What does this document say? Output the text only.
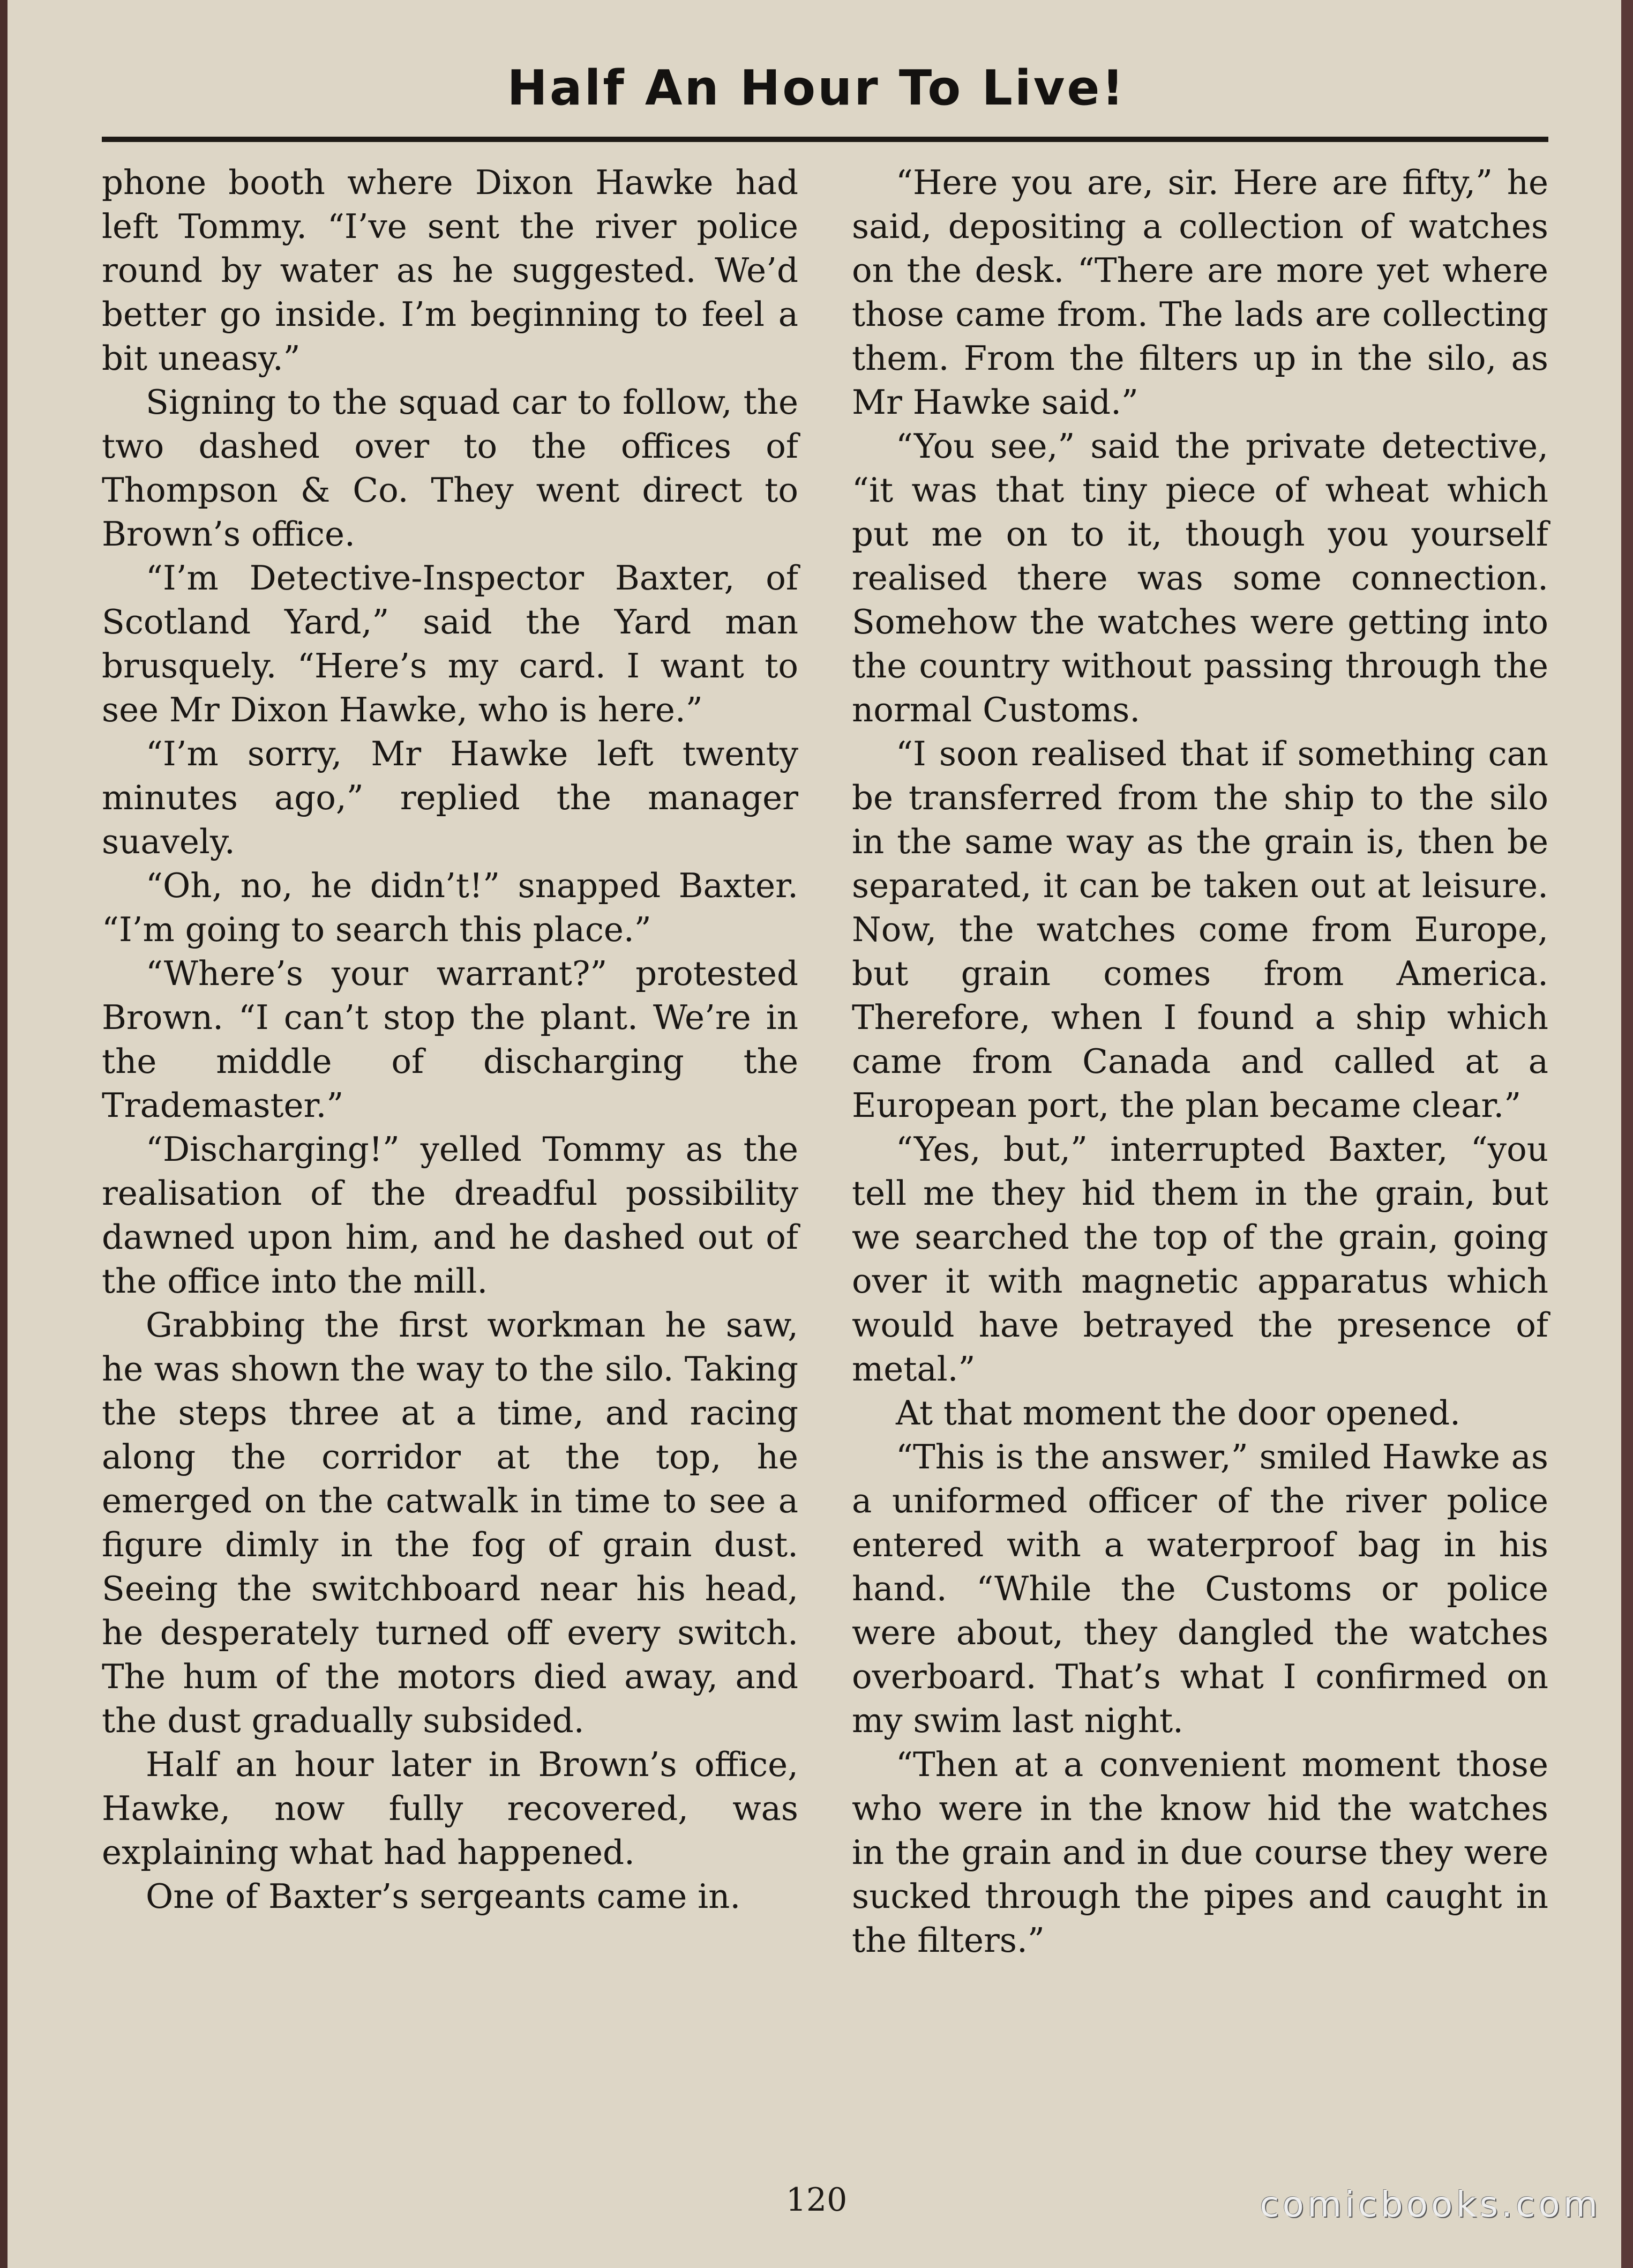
Half An Hour To Live!

phone booth where Dixon Hawke had left Tommy. “I’ve sent the river police round by water as he suggested. We’d better go inside. I’m beginning to feel a bit uneasy.”

Signing to the squad car to follow, the two dashed over to the offices of Thompson & Co. They went direct to Brown’s office.

“I’m Detective-Inspector Baxter, of Scotland Yard,” said the Yard man brusquely. “Here’s my card. I want to see Mr Dixon Hawke, who is here.”

“I’m sorry, Mr Hawke left twenty minutes ago,” replied the manager suavely.

“Oh, no, he didn’t!” snapped Baxter. “I’m going to search this place.”

“Where’s your warrant?” protested Brown. “I can’t stop the plant. We’re in the middle of discharging the Trademaster.”

“Discharging!” yelled Tommy as the realisation of the dreadful possibility dawned upon him, and he dashed out of the office into the mill.

Grabbing the first workman he saw, he was shown the way to the silo. Taking the steps three at a time, and racing along the corridor at the top, he emerged on the catwalk in time to see a figure dimly in the fog of grain dust. Seeing the switchboard near his head, he desperately turned off every switch. The hum of the motors died away, and the dust gradually subsided.

Half an hour later in Brown’s office, Hawke, now fully recovered, was explaining what had happened.

One of Baxter’s sergeants came in.

“Here you are, sir. Here are fifty,” he said, depositing a collection of watches on the desk. “There are more yet where those came from. The lads are collecting them. From the filters up in the silo, as Mr Hawke said.”

“You see,” said the private detective, “it was that tiny piece of wheat which put me on to it, though you yourself realised there was some connection. Somehow the watches were getting into the country without passing through the normal Customs.

“I soon realised that if something can be transferred from the ship to the silo in the same way as the grain is, then be separated, it can be taken out at leisure. Now, the watches come from Europe, but grain comes from America. Therefore, when I found a ship which came from Canada and called at a European port, the plan became clear.”

“Yes, but,” interrupted Baxter, “you tell me they hid them in the grain, but we searched the top of the grain, going over it with magnetic apparatus which would have betrayed the presence of metal.”

At that moment the door opened.

“This is the answer,” smiled Hawke as a uniformed officer of the river police entered with a waterproof bag in his hand. “While the Customs or police were about, they dangled the watches overboard. That’s what I confirmed on my swim last night.

“Then at a convenient moment those who were in the know hid the watches in the grain and in due course they were sucked through the pipes and caught in the filters.”

120	comicbooks.com
